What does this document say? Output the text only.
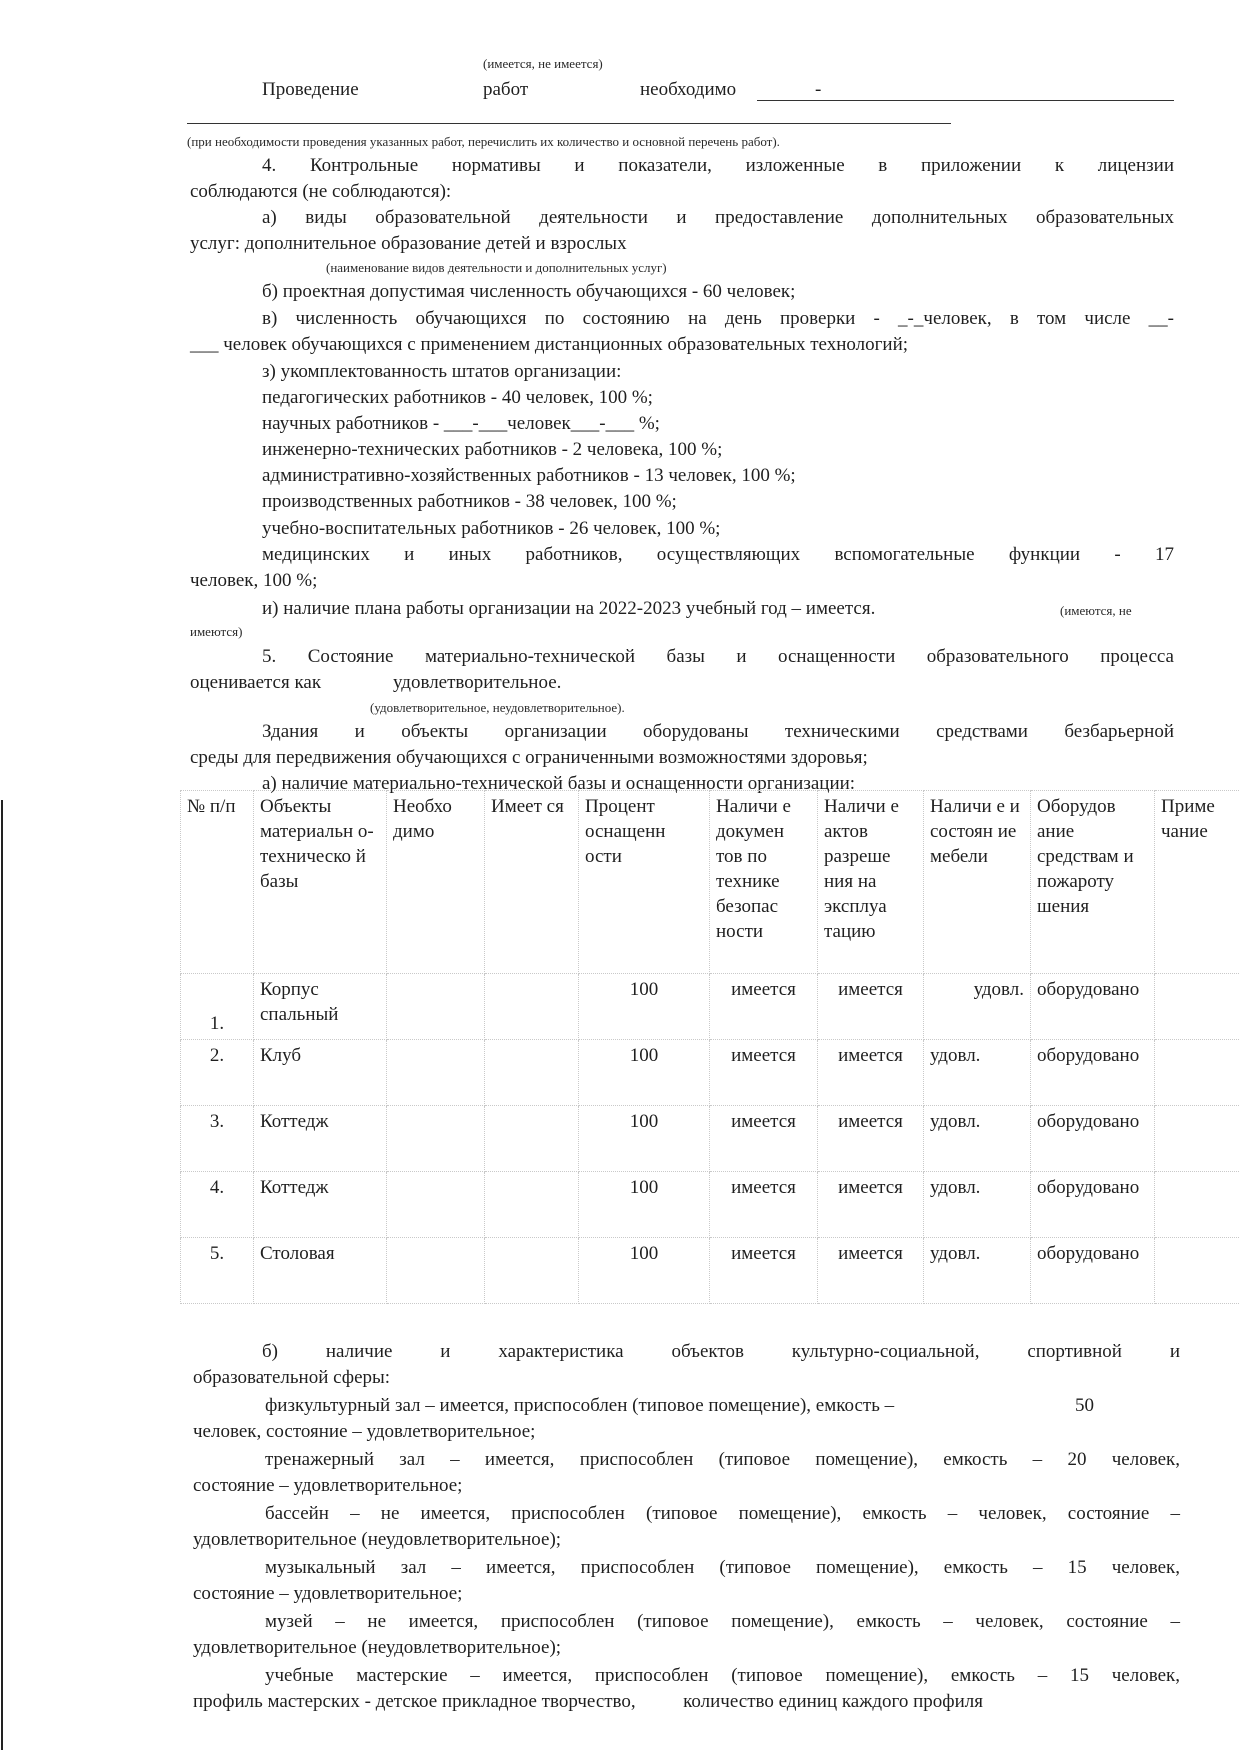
(имеется, не имеется)
Проведение	работ	необходимо	-
(при необходимости проведения указанных работ, перечислить их количество и основной перечень работ).
4. Контрольные нормативы и показатели, изложенные в приложении к лицензии
соблюдаются (не соблюдаются):
а) виды образовательной деятельности и предоставление дополнительных образовательных
услуг: дополнительное образование детей и взрослых
(наименование видов деятельности и дополнительных услуг)
б) проектная допустимая численность обучающихся - 60 человек;
в) численность обучающихся по состоянию на день проверки - _-_человек, в том числе __-
___ человек обучающихся с применением дистанционных образовательных технологий;
з) укомплектованность штатов организации:
педагогических работников - 40 человек, 100 %;
научных работников - ___-___человек___-___ %;
инженерно-технических работников - 2 человека, 100 %;
административно-хозяйственных работников - 13 человек, 100 %;
производственных работников - 38 человек, 100 %;
учебно-воспитательных работников - 26 человек, 100 %;
медицинских и иных работников, осуществляющих вспомогательные функции - 17
человек, 100 %;
и) наличие плана работы организации на 2022-2023 учебный год – имеется.	(имеются, не
имеются)
5. Состояние материально-технической базы и оснащенности образовательного процесса
оценивается как	удовлетворительное.
(удовлетворительное, неудовлетворительное).
Здания и объекты организации оборудованы техническими средствами безбарьерной
среды для передвижения обучающихся с ограниченными возможностями здоровья;
а) наличие материально-технической базы и оснащенности организации:
№ п/п	Объекты материальн о-техническо й базы	Необхо димо	Имеет ся	Процент оснащенн ости	Наличи е докумен тов по технике безопас ности	Наличи е актов разреше ния на эксплуа тацию	Наличи е и состоян ие мебели	Оборудов ание средствам и пожароту шения	Приме чание
1.	Корпус спальный			100	имеется	имеется	удовл.	оборудовано	
2.	Клуб			100	имеется	имеется	удовл.	оборудовано	
3.	Коттедж			100	имеется	имеется	удовл.	оборудовано	
4.	Коттедж			100	имеется	имеется	удовл.	оборудовано	
5.	Столовая			100	имеется	имеется	удовл.	оборудовано	
б) наличие и характеристика объектов культурно-социальной, спортивной и
образовательной сферы:
физкультурный зал – имеется, приспособлен (типовое помещение), емкость –	50
человек, состояние – удовлетворительное;
тренажерный зал – имеется, приспособлен (типовое помещение), емкость – 20 человек,
состояние – удовлетворительное;
бассейн – не имеется, приспособлен (типовое помещение), емкость – человек, состояние –
удовлетворительное (неудовлетворительное);
музыкальный зал – имеется, приспособлен (типовое помещение), емкость – 15 человек,
состояние – удовлетворительное;
музей – не имеется, приспособлен (типовое помещение), емкость – человек, состояние –
удовлетворительное (неудовлетворительное);
учебные мастерские – имеется, приспособлен (типовое помещение), емкость – 15 человек,
профиль мастерских - детское прикладное творчество,          количество единиц каждого профиля
